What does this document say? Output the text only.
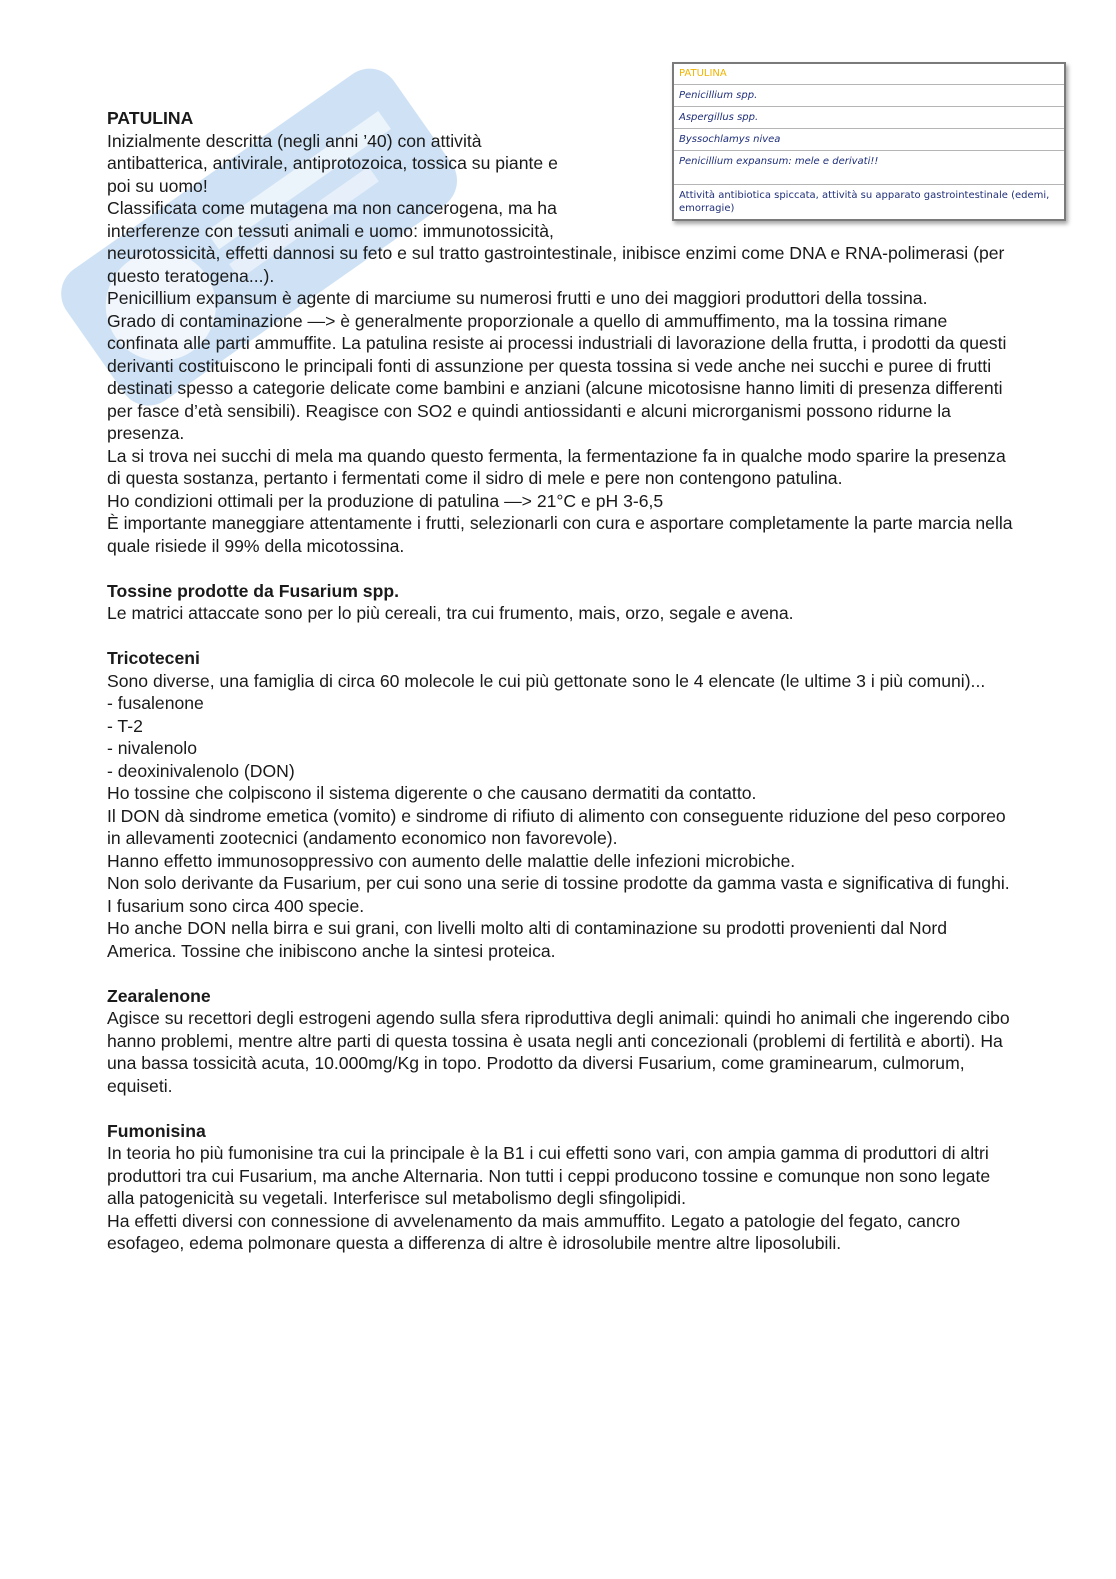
PATULINA
Penicillium spp.
Aspergillus spp.
Byssochlamys nivea
Penicillium expansum: mele e derivati!!
Attività antibiotica spiccata, attività su apparato gastrointestinale (edemi, emorragie)
PATULINA

Inizialmente descritta (negli anni ’40) con attività

antibatterica, antivirale, antiprotozoica, tossica su piante e

poi su uomo!

Classificata come mutagena ma non cancerogena, ma ha

interferenze con tessuti animali e uomo: immunotossicità,

neurotossicità, effetti dannosi su feto e sul tratto gastrointestinale, inibisce enzimi come DNA e RNA-polimerasi (per questo teratogena...).

Penicillium expansum è agente di marciume su numerosi frutti e uno dei maggiori produttori della tossina.

Grado di contaminazione —> è generalmente proporzionale a quello di ammuffimento, ma la tossina rimane confinata alle parti ammuffite. La patulina resiste ai processi industriali di lavorazione della frutta, i prodotti da questi derivanti costituiscono le principali fonti di assunzione per questa tossina si vede anche nei succhi e puree di frutti destinati spesso a categorie delicate come bambini e anziani (alcune micotosisne hanno limiti di presenza differenti per fasce d’età sensibili). Reagisce con SO2 e quindi antiossidanti e alcuni microrganismi possono ridurne la presenza.

La si trova nei succhi di mela ma quando questo fermenta, la fermentazione fa in qualche modo sparire la presenza di questa sostanza, pertanto i fermentati come il sidro di mele e pere non contengono patulina.

Ho condizioni ottimali per la produzione di patulina —> 21°C e pH 3-6,5

È importante maneggiare attentamente i frutti, selezionarli con cura e asportare completamente la parte marcia nella quale risiede il 99% della micotossina.

Tossine prodotte da Fusarium spp.

Le matrici attaccate sono per lo più cereali, tra cui frumento, mais, orzo, segale e avena.

Tricoteceni

Sono diverse, una famiglia di circa 60 molecole le cui più gettonate sono le 4 elencate (le ultime 3 i più comuni)...

- fusalenone

- T-2

- nivalenolo

- deoxinivalenolo (DON)

Ho tossine che colpiscono il sistema digerente o che causano dermatiti da contatto.

Il DON dà sindrome emetica (vomito) e sindrome di rifiuto di alimento con conseguente riduzione del peso corporeo in allevamenti zootecnici (andamento economico non favorevole).

Hanno effetto immunosoppressivo con aumento delle malattie delle infezioni microbiche.

Non solo derivante da Fusarium, per cui sono una serie di tossine prodotte da gamma vasta e significativa di funghi. I fusarium sono circa 400 specie.

Ho anche DON nella birra e sui grani, con livelli molto alti di contaminazione su prodotti provenienti dal Nord America. Tossine che inibiscono anche la sintesi proteica.

Zearalenone

Agisce su recettori degli estrogeni agendo sulla sfera riproduttiva degli animali: quindi ho animali che ingerendo cibo hanno problemi, mentre altre parti di questa tossina è usata negli anti concezionali (problemi di fertilità e aborti). Ha una bassa tossicità acuta, 10.000mg/Kg in topo. Prodotto da diversi Fusarium, come graminearum, culmorum, equiseti.

Fumonisina

In teoria ho più fumonisine tra cui la principale è la B1 i cui effetti sono vari, con ampia gamma di produttori di altri produttori tra cui Fusarium, ma anche Alternaria. Non tutti i ceppi producono tossine e comunque non sono legate alla patogenicità su vegetali. Interferisce sul metabolismo degli sfingolipidi.

Ha effetti diversi con connessione di avvelenamento da mais ammuffito. Legato a patologie del fegato, cancro esofageo, edema polmonare questa a differenza di altre è idrosolubile mentre altre liposolubili.
